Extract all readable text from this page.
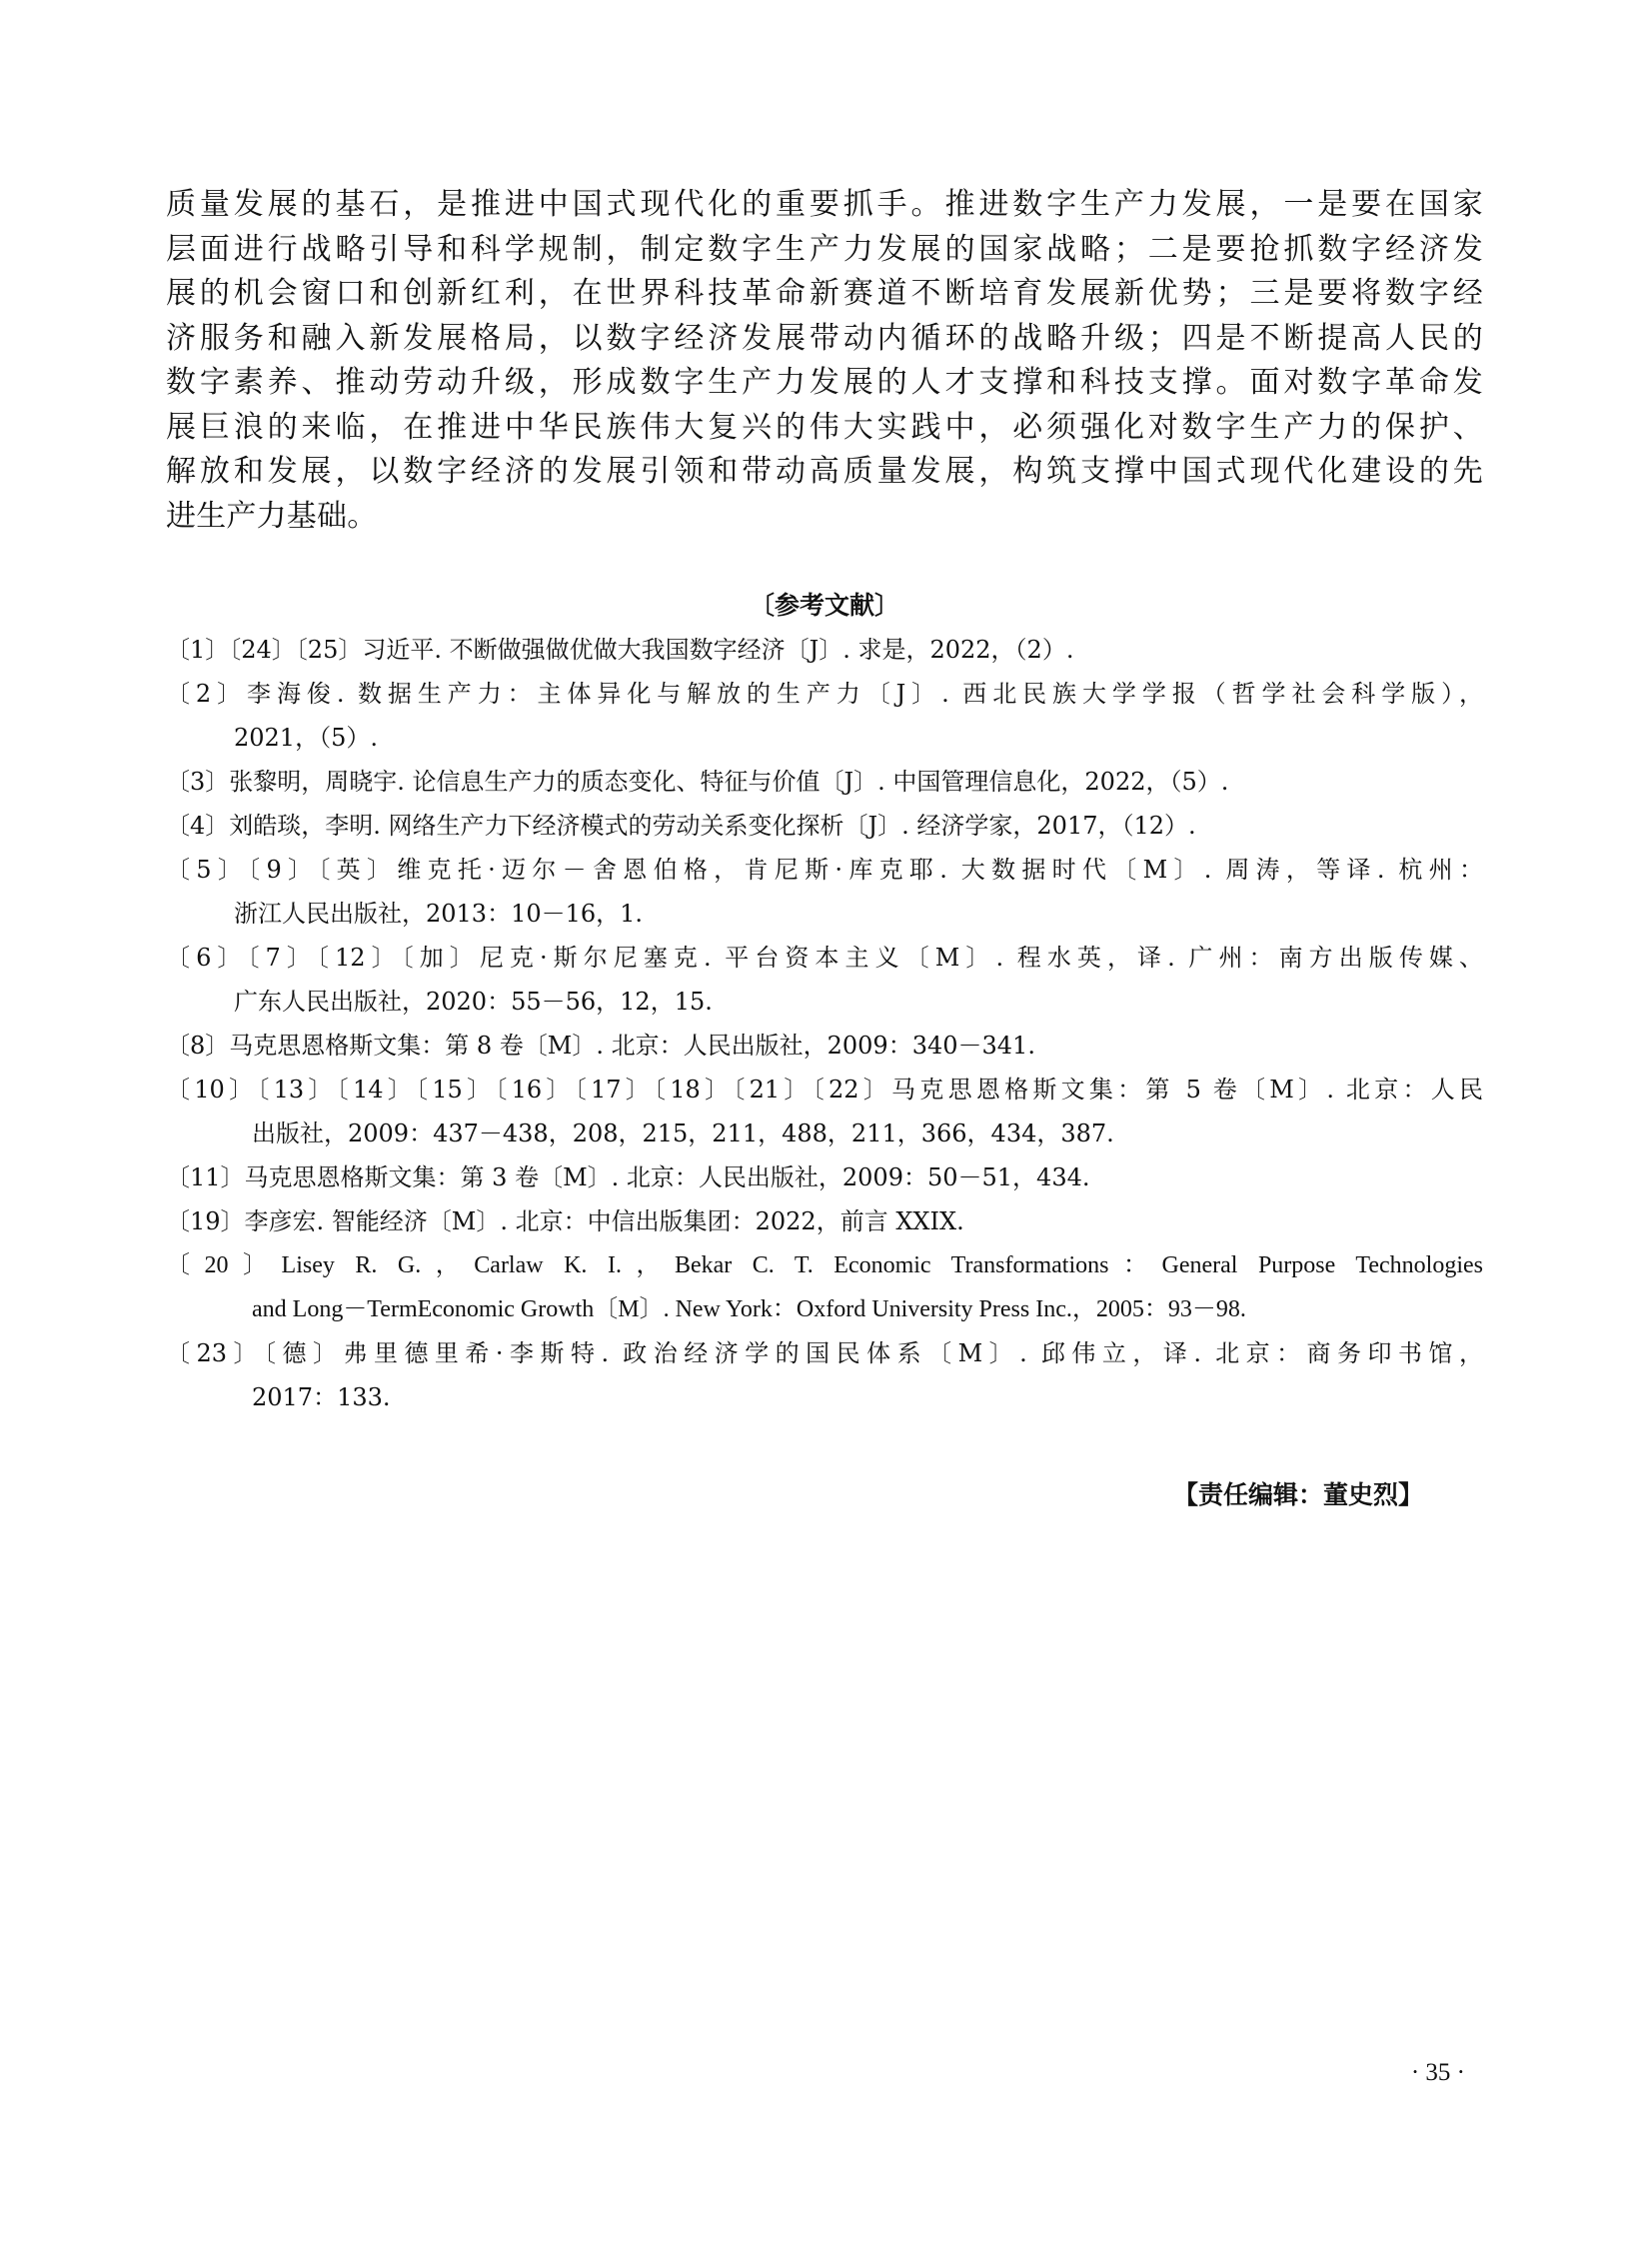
质量发展的基石，是推进中国式现代化的重要抓手。推进数字生产力发展，一是要在国家
层面进行战略引导和科学规制，制定数字生产力发展的国家战略；二是要抢抓数字经济发
展的机会窗口和创新红利，在世界科技革命新赛道不断培育发展新优势；三是要将数字经
济服务和融入新发展格局，以数字经济发展带动内循环的战略升级；四是不断提高人民的
数字素养、推动劳动升级，形成数字生产力发展的人才支撑和科技支撑。面对数字革命发
展巨浪的来临，在推进中华民族伟大复兴的伟大实践中，必须强化对数字生产力的保护、
解放和发展，以数字经济的发展引领和带动高质量发展，构筑支撑中国式现代化建设的先
进生产力基础。
〔参考文献〕
〔1〕〔24〕〔25〕习近平. 不断做强做优做大我国数字经济〔J〕. 求是，2022，（2）.
〔2〕李海俊. 数据生产力：主体异化与解放的生产力〔J〕. 西北民族大学学报（哲学社会科学版），
2021，（5）.
〔3〕张黎明，周晓宇. 论信息生产力的质态变化、特征与价值〔J〕. 中国管理信息化，2022，（5）.
〔4〕刘皓琰，李明. 网络生产力下经济模式的劳动关系变化探析〔J〕. 经济学家，2017，（12）.
〔5〕〔9〕〔英〕维克托·迈尔－舍恩伯格，肯尼斯·库克耶. 大数据时代〔M〕. 周涛，等译. 杭州：
浙江人民出版社，2013：10－16，1.
〔6〕〔7〕〔12〕〔加〕尼克·斯尔尼塞克. 平台资本主义〔M〕. 程水英，译. 广州：南方出版传媒、
广东人民出版社，2020：55－56，12，15.
〔8〕马克思恩格斯文集：第 8 卷〔M〕. 北京：人民出版社，2009：340－341.
〔10〕〔13〕〔14〕〔15〕〔16〕〔17〕〔18〕〔21〕〔22〕马克思恩格斯文集：第 5 卷〔M〕. 北京：人民
出版社，2009：437－438，208，215，211，488，211，366，434，387.
〔11〕马克思恩格斯文集：第 3 卷〔M〕. 北京：人民出版社，2009：50－51，434.
〔19〕李彦宏. 智能经济〔M〕. 北京：中信出版集团：2022，前言 XXIX.
〔20〕Lisey R. G.，Carlaw K. I.，Bekar C. T. Economic Transformations：General Purpose Technologies
and Long－TermEconomic Growth〔M〕. New York：Oxford University Press Inc.，2005：93－98.
〔23〕〔德〕弗里德里希·李斯特. 政治经济学的国民体系〔M〕. 邱伟立，译. 北京：商务印书馆，
2017：133.
【责任编辑：董史烈】
· 35 ·
